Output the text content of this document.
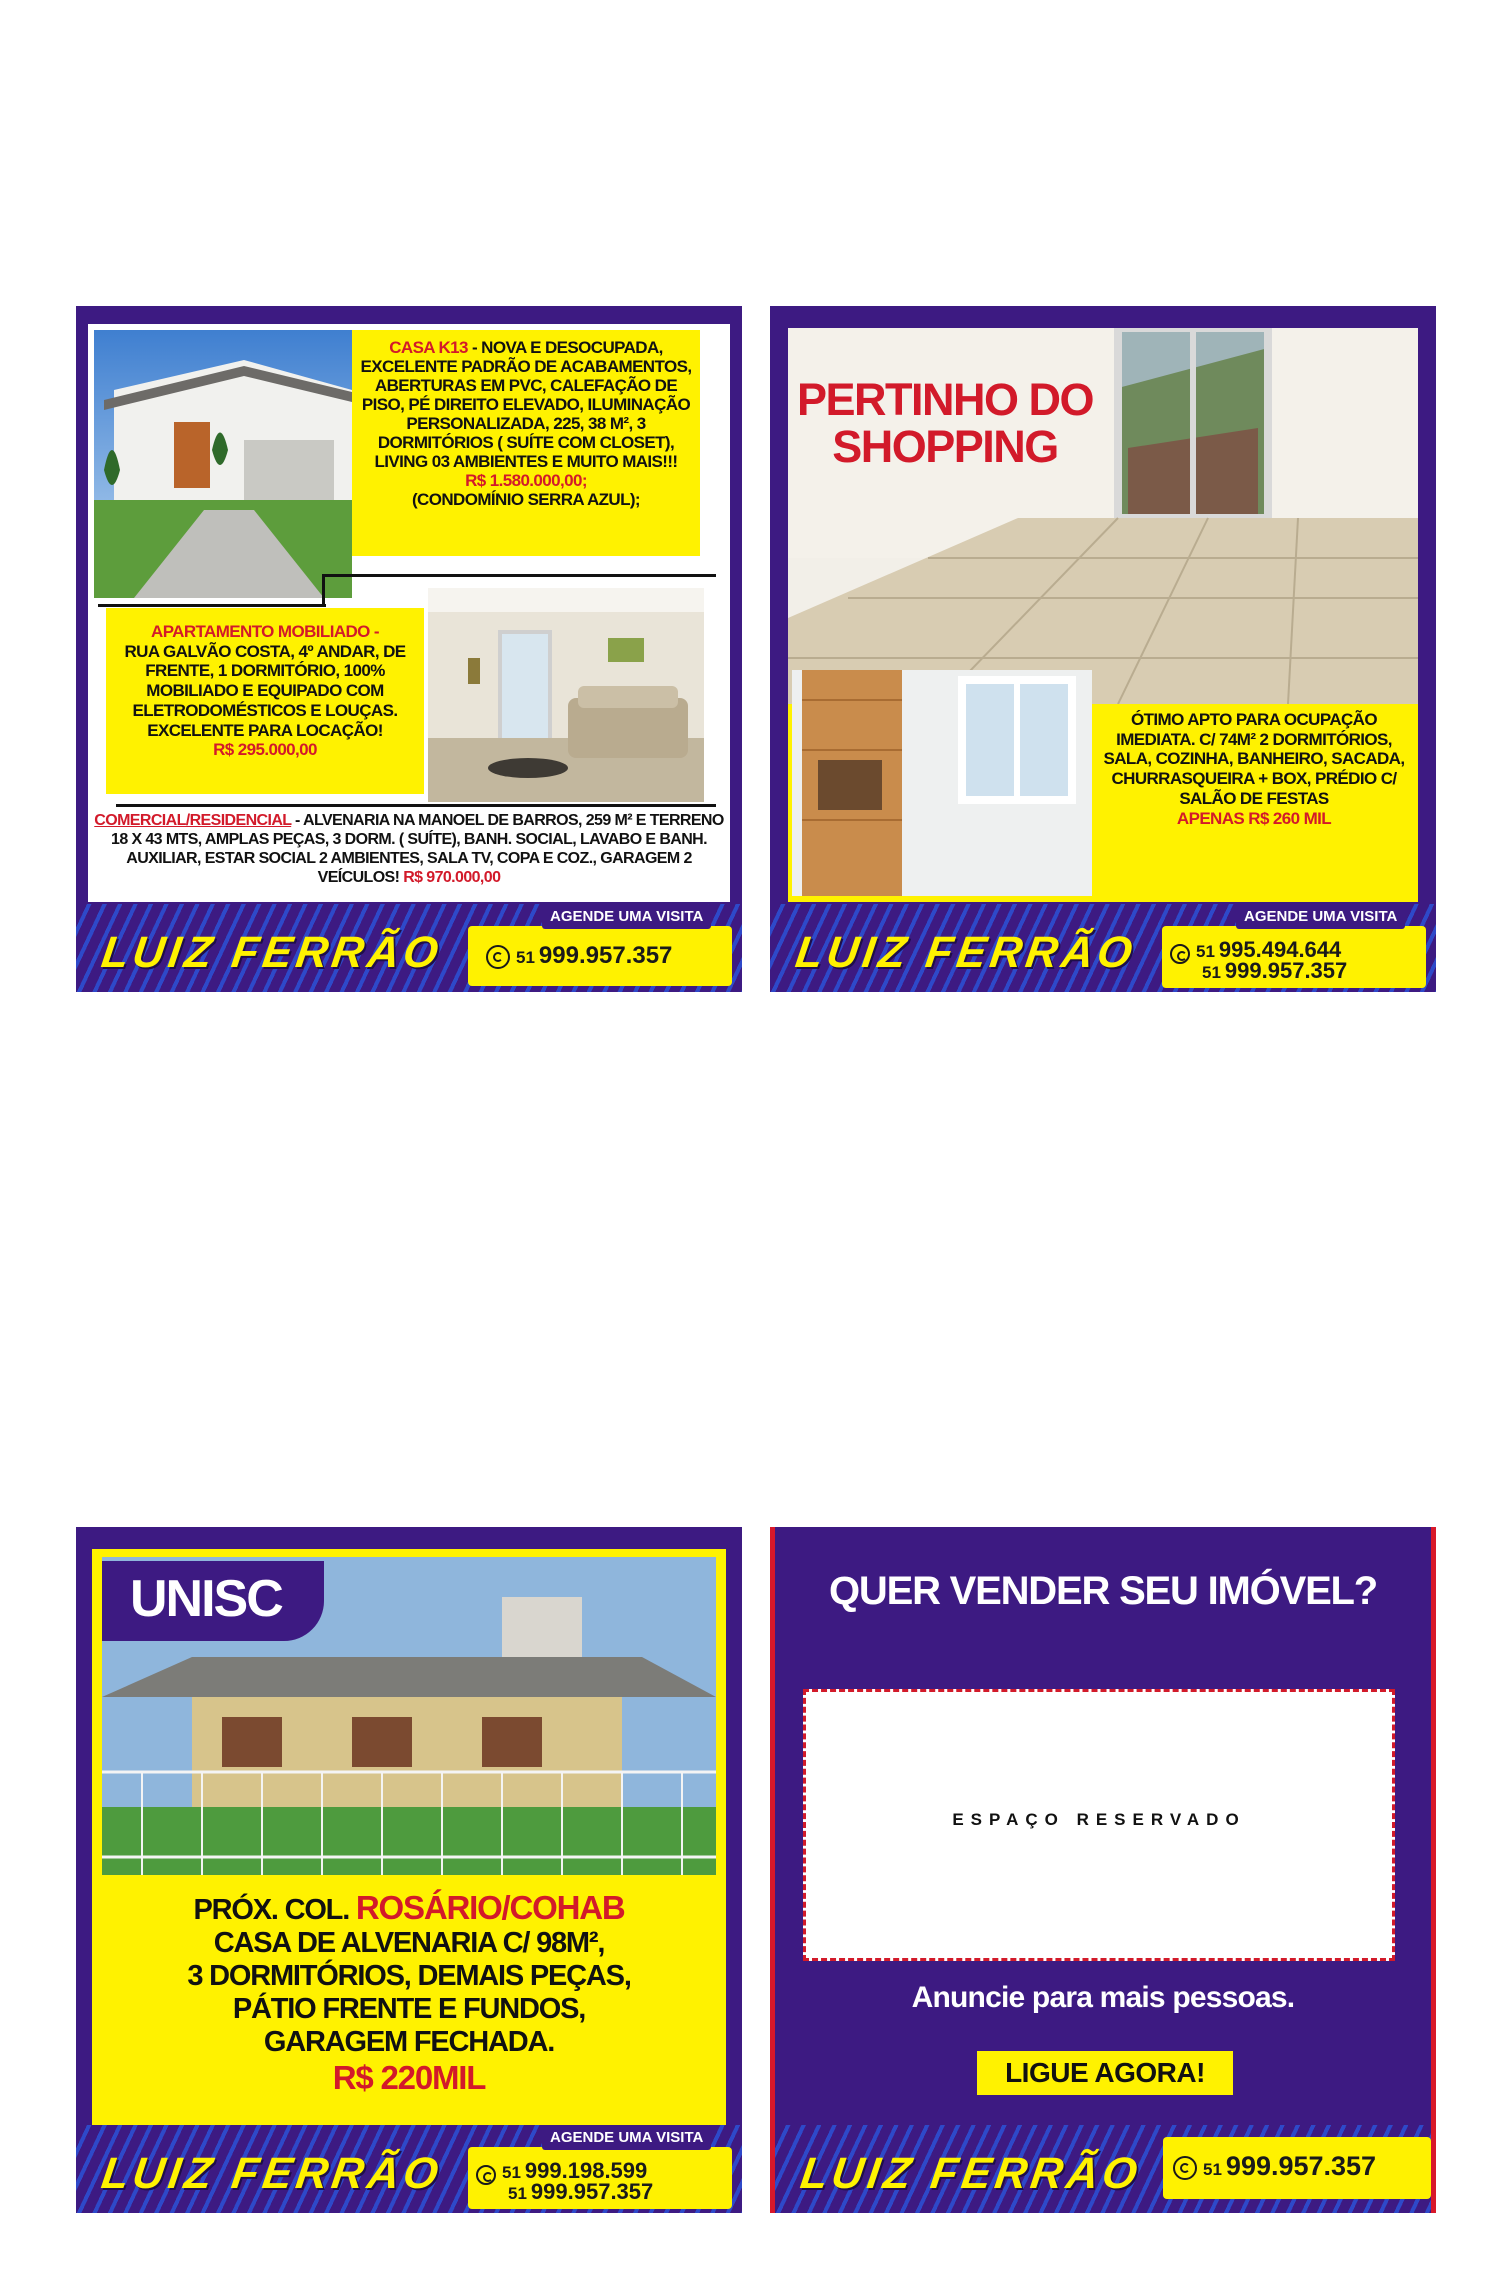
CASA K13 - NOVA E DESOCUPADA, EXCELENTE PADRÃO DE ACABAMENTOS, ABERTURAS EM PVC, CALEFAÇÃO DE PISO, PÉ DIREITO ELEVADO, ILUMINAÇÃO PERSONALIZADA, 225, 38 M², 3 DORMITÓRIOS ( SUÍTE COM CLOSET), LIVING 03 AMBIENTES E MUITO MAIS!!!
R$ 1.580.000,00;
(CONDOMÍNIO SERRA AZUL);
APARTAMENTO MOBILIADO -
RUA GALVÃO COSTA, 4º ANDAR, DE FRENTE, 1 DORMITÓRIO, 100% MOBILIADO E EQUIPADO COM ELETRODOMÉSTICOS E LOUÇAS. EXCELENTE PARA LOCAÇÃO!
R$ 295.000,00
COMERCIAL/RESIDENCIAL - ALVENARIA NA MANOEL DE BARROS, 259 M² E TERRENO 18 X 43 MTS, AMPLAS PEÇAS, 3 DORM. ( SUÍTE), BANH. SOCIAL, LAVABO E BANH. AUXILIAR, ESTAR SOCIAL 2 AMBIENTES, SALA TV, COPA E COZ., GARAGEM 2 VEÍCULOS! R$ 970.000,00
LUIZ FERRÃO
AGENDE UMA VISITA
51 999.957.357
PERTINHO DO
SHOPPING
ÓTIMO APTO PARA OCUPAÇÃO IMEDIATA. C/ 74M² 2 DORMITÓRIOS, SALA, COZINHA, BANHEIRO, SACADA, CHURRASQUEIRA + BOX, PRÉDIO C/ SALÃO DE FESTAS
APENAS R$ 260 MIL
LUIZ FERRÃO
AGENDE UMA VISITA
51 995.494.644
51 999.957.357
UNISC
PRÓX. COL. ROSÁRIO/COHAB
CASA DE ALVENARIA C/ 98M²,
3 DORMITÓRIOS, DEMAIS PEÇAS,
PÁTIO FRENTE E FUNDOS,
GARAGEM FECHADA.
R$ 220MIL
LUIZ FERRÃO
AGENDE UMA VISITA
51 999.198.599
51 999.957.357
QUER VENDER SEU IMÓVEL?
ESPAÇO RESERVADO
Anuncie para mais pessoas.
LIGUE AGORA!
LUIZ FERRÃO	51 999.957.357
